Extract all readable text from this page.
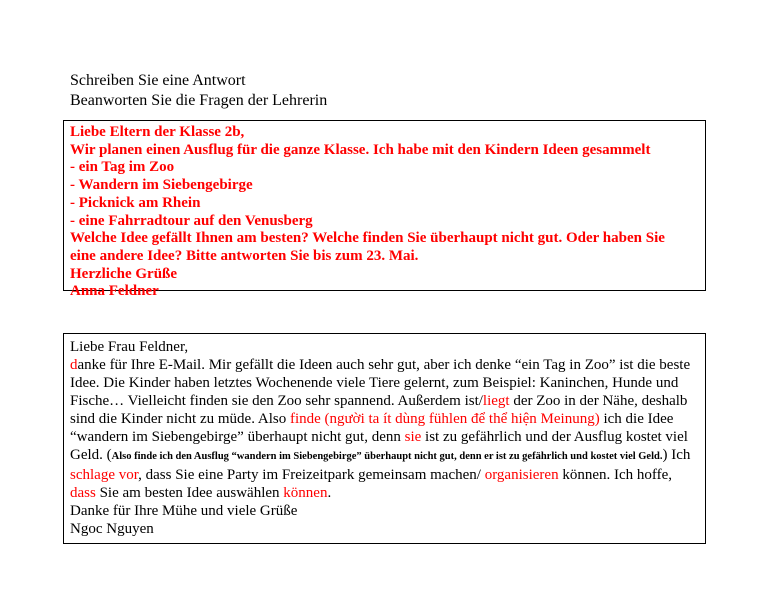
Schreiben Sie eine Antwort
Beanworten Sie die Fragen der Lehrerin
Liebe Eltern der Klasse 2b,
Wir planen einen Ausflug für die ganze Klasse. Ich habe mit den Kindern Ideen gesammelt
- ein Tag im Zoo
- Wandern im Siebengebirge
- Picknick am Rhein
- eine Fahrradtour auf den Venusberg
Welche Idee gefällt Ihnen am besten? Welche finden Sie überhaupt nicht gut. Oder haben Sie
eine andere Idee? Bitte antworten Sie bis zum 23. Mai.
Herzliche Grüße
Anna Feldner
Liebe Frau Feldner,
danke für Ihre E-Mail. Mir gefällt die Ideen auch sehr gut, aber ich denke “ein Tag in Zoo” ist die beste Idee. Die Kinder haben letztes Wochenende viele Tiere gelernt, zum Beispiel: Kaninchen, Hunde und Fische… Vielleicht finden sie den Zoo sehr spannend. Außerdem ist/liegt der Zoo in der Nähe, deshalb sind die Kinder nicht zu müde. Also finde (người ta ít dùng fühlen để thể hiện Meinung) ich die Idee “wandern im Siebengebirge” überhaupt nicht gut, denn sie ist zu gefährlich und der Ausflug kostet viel Geld. (Also finde ich den Ausflug “wandern im Siebengebirge” überhaupt nicht gut, denn er ist zu gefährlich und kostet viel Geld.) Ich schlage vor, dass Sie eine Party im Freizeitpark gemeinsam machen/ organisieren können. Ich hoffe, dass Sie am besten Idee auswählen können.
Danke für Ihre Mühe und viele Grüße
Ngoc Nguyen
